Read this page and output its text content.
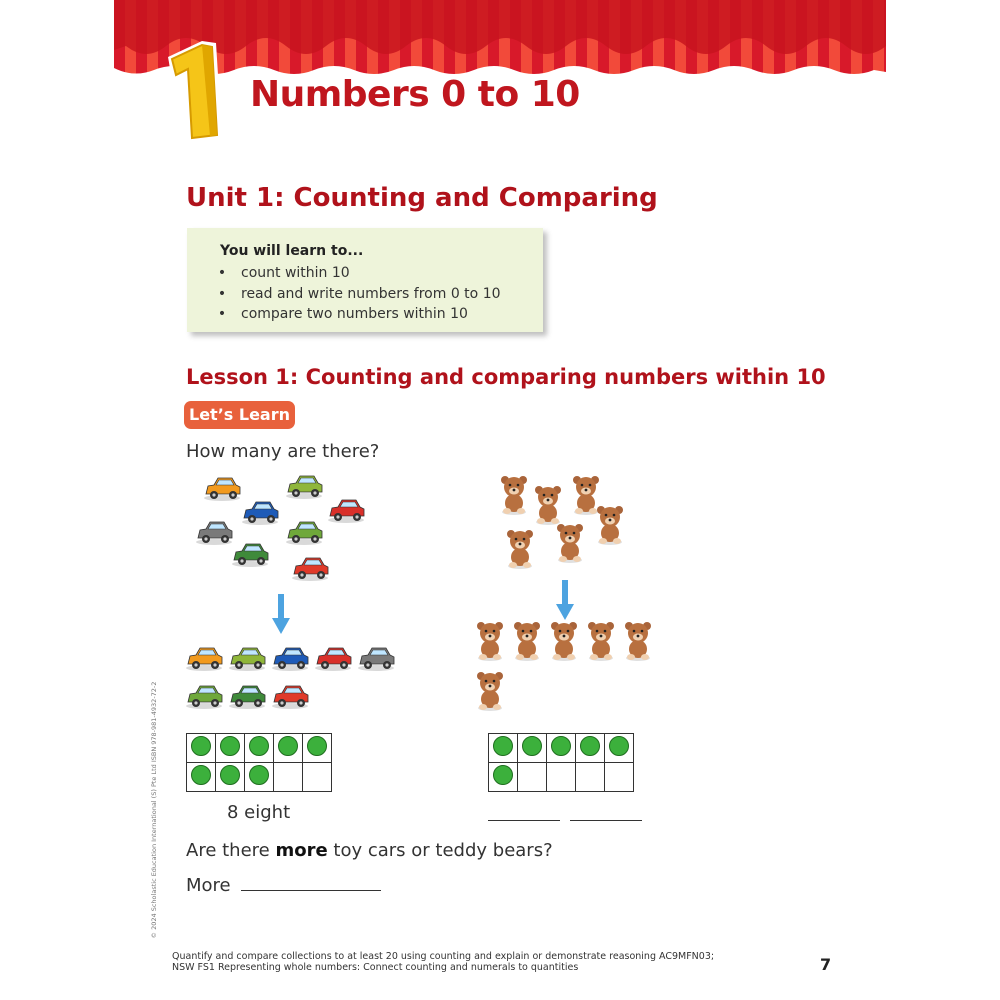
Numbers 0 to 10
Unit 1: Counting and Comparing
You will learn to...
• count within 10
• read and write numbers from 0 to 10
• compare two numbers within 10
Lesson 1: Counting and comparing numbers within 10
Let’s Learn

How many are there?

8 eight

Are there more toy cars or teddy bears?

More
© 2024 Scholastic Education International (S) Pte Ltd ISBN 978-981-4932-72-2
Quantify and compare collections to at least 20 using counting and explain or demonstrate reasoning AC9MFN03;
NSW FS1 Representing whole numbers: Connect counting and numerals to quantities	7
